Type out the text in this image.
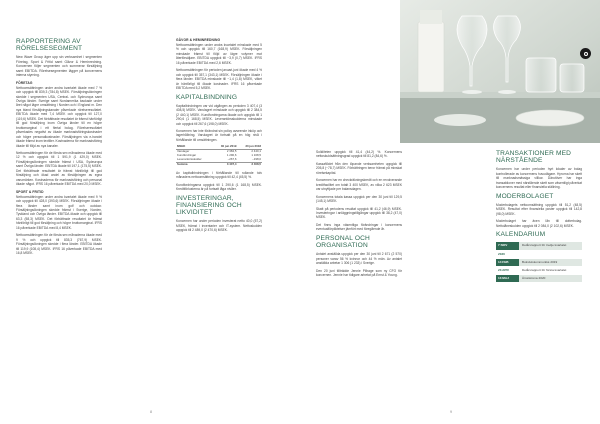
RAPPORTERING AV RÖRELSESEGMENT

New Wave Group äger upp sin verksamhet i segmenten Företag, Sport & Fritid samt Gåvor & Heminredning. Koncernen följer segmenten och summerar försäljning samt EBITDA. Rörelsesegmenten lägger på koncernens interna styrning.

FÖRETAG

Nettoomsättningen under andra kvartalet ökade med 7 % och uppgick till 839,3 (784,8) MSEK. Försäljningsökningen skedde i segmenten USA, Central- och Sydeuropa samt Övriga länder. Sverige samt Nordamerika backade under året något lägre omsättning i Norden och i England m. Den nya bland försäljningskanaler påverkade rörelseresultatet. EBITDA ökade med 7,4 MSEK och uppgick till 127,0 (119,6) MSEK. Det förbättrade resultatet är främst hänförligt till god försäljning inom Övriga länder till en högre bruttomarginal i ett flertal bolag. Rörelseresultatet påverkades negativt av ökade marknadsföringskostnader och högre personalkostnader. Försäljningen via e-handel ökade främst inom textilier. Kostnaderna för marknadsföring ökade till följd av nya kanaler.

Nettoomsättningen för de första sex månaderna ökade med 12 % och uppgick till 1 591,9 (1 429,0) MSEK. Försäljningsökningen skedde främst i USA, Sydeuropa samt Övriga länder. EBITDA ökade till 197,1 (175,5) MSEK. Det förbättrade resultatet är främst hänförligt till god försäljning och ökad andel av försäljningen av egna varumärken. Kostnaderna för marknadsföring och personal ökade något. IFRS 16 påverkade EBITDA med 20,0 MSEK.

SPORT & FRITID

Nettoomsättningen under andra kvartalet ökade med 9 % och uppgick till 428,0 (393,6) MSEK. Försäljningen ökade i flera länder samt inom golf och outdoor. Försäljningsökningen skedde främst i Sverige, Norden, Tyskland och Övriga länder. EBITDA ökade och uppgick till 63,3 (58,3) MSEK. Det förbättrade resultatet är främst hänförligt till god försäljning och högre bruttomarginal. IFRS 16 påverkade EBITDA med 8,4 MSEK.

Nettoomsättningen för de första sex månaderna ökade med 9 % och uppgick till 835,3 (767,9) MSEK. Försäljningsökningen skedde i flera länder. EBITDA ökade till 119,9 (108,4) MSEK. IFRS 16 påverkade EBITDA med 16,8 MSEK.

GÅVOR & HEMINREDNING

Nettoomsättningen under andra kvartalet minskade med 5 % och uppgick till 160,7 (168,9) MSEK. Försäljningen minskade främst till följd av lägre volymer mot återförsäljare. EBITDA uppgick till −3,9 (0,7) MSEK. IFRS 16 påverkade EBITDA med 2,6 MSEK.

Nettoomsättningen för perioden januari-juni ökade med 4 % och uppgick till 357,1 (343,1) MSEK. Försäljningen ökade i flera länder. EBITDA minskade till −1,4 (1,8) MSEK, vilket är hänförligt till ökade kostnader. IFRS 16 påverkade EBITDA med 5,2 MSEK.

KAPITALBINDNING

Kapitalbindningen var vid utgången av perioden 3 407,4 (3 408,5) MSEK. Varulagret minskade och uppgick till 2 384,5 (2 440,1) MSEK. Kundfordringarna ökade och uppgick till 1 290,6 (1 168,5) MSEK. Leverantörsskulderna minskade och uppgick till 267,6 (198,0) MSEK.

Koncernen har inte förändrat sin policy avseende inköp och lagerhållning. Varulagret är fortsatt på en hög nivå i förhållande till omsättningen.

MSEK	30 jun 2019	30 jun 2018
Varulager	2 384,5	2 440,1
Kundfordringar	1 290,6	1 168,5
Leverantörsskulder	−267,6	−198,0
Summa	3 407,4	3 408,5

Av kapitalbindningen i förhållande till rullande tolv månaders nettoomsättning uppgick till 42,4 (45,5) %.

Kundfordringarna uppgick till 1 290,6 (1 168,5) MSEK. Kreditförlusterna är på fortsatt låga nivåer.

INVESTERINGAR, FINANSIERING OCH LIKVIDITET

Koncernen har under perioden investerat netto 40,0 (57,2) MSEK, främst i inventarier och IT-system. Nettoskulden uppgick till 2 489,0 (2 470,6) MSEK.

8

Soliditeten uppgick till 41,4 (44,2) %. Koncernens nettoskuldsättningsgrad uppgick till 81,2 (84,6) %.

Kassaflödet från den löpande verksamheten uppgick till 205,8 (−78,7) MSEK. Förbättringen beror främst på minskat rörelsekapital.

Koncernen har en checkräkningskredit och en revolverande kreditfacilitet om totalt 3 400 MSEK, av vilka 2 623 MSEK var utnyttjade per balansdagen.

Koncernens totala kassa uppgick per den 30 juni till 129,5 (145,1) MSEK.

Skatt på periodens resultat uppgick till 41,2 (46,9) MSEK. Investeringar i anläggningstillgångar uppgick till 38,2 (47,0) MSEK.

Det finns inga väsentliga förändringar i koncernens eventualförpliktelser jämfört med föregående år.

PERSONAL OCH ORGANISATION

Antalet anställda uppgick per den 30 juni till 2 671 (2 570) personer varav 56 % kvinnor och 44 % män. Av antalet anställda arbetar 1 306 (1 233) i Sverige.

Den 20 juni tillträdde Jennie Pilhage som ny CFO för koncernen. Jennie har tidigare arbetat på Ernst & Young.

TRANSAKTIONER MED NÄRSTÅENDE

Koncernen har under perioden hyrt lokaler av bolag kontrollerade av koncernens huvudägare. Hyrorna har skett till marknadsmässiga villkor. Därutöver har inga transaktioner med närstående skett som väsentligt påverkat koncernens resultat eller finansiella ställning.

MODERBOLAGET

Moderbolagets nettoomsättning uppgick till 51,2 (48,5) MSEK. Resultat efter finansiella poster uppgick till 142,8 (98,0) MSEK.

Moderbolaget har även lån till dotterbolag. Nettolåneskulden uppgick till 2 084,0 (2 102,6) MSEK.

KALENDARIUM
7 NOV	Delårsrapport för tredje kvartalet
2020	
14 FEB	Bokslutskommuniké 2019
23 APR	Delårsrapport för första kvartalet
13 MAJ	Årsstämma 2020
9
